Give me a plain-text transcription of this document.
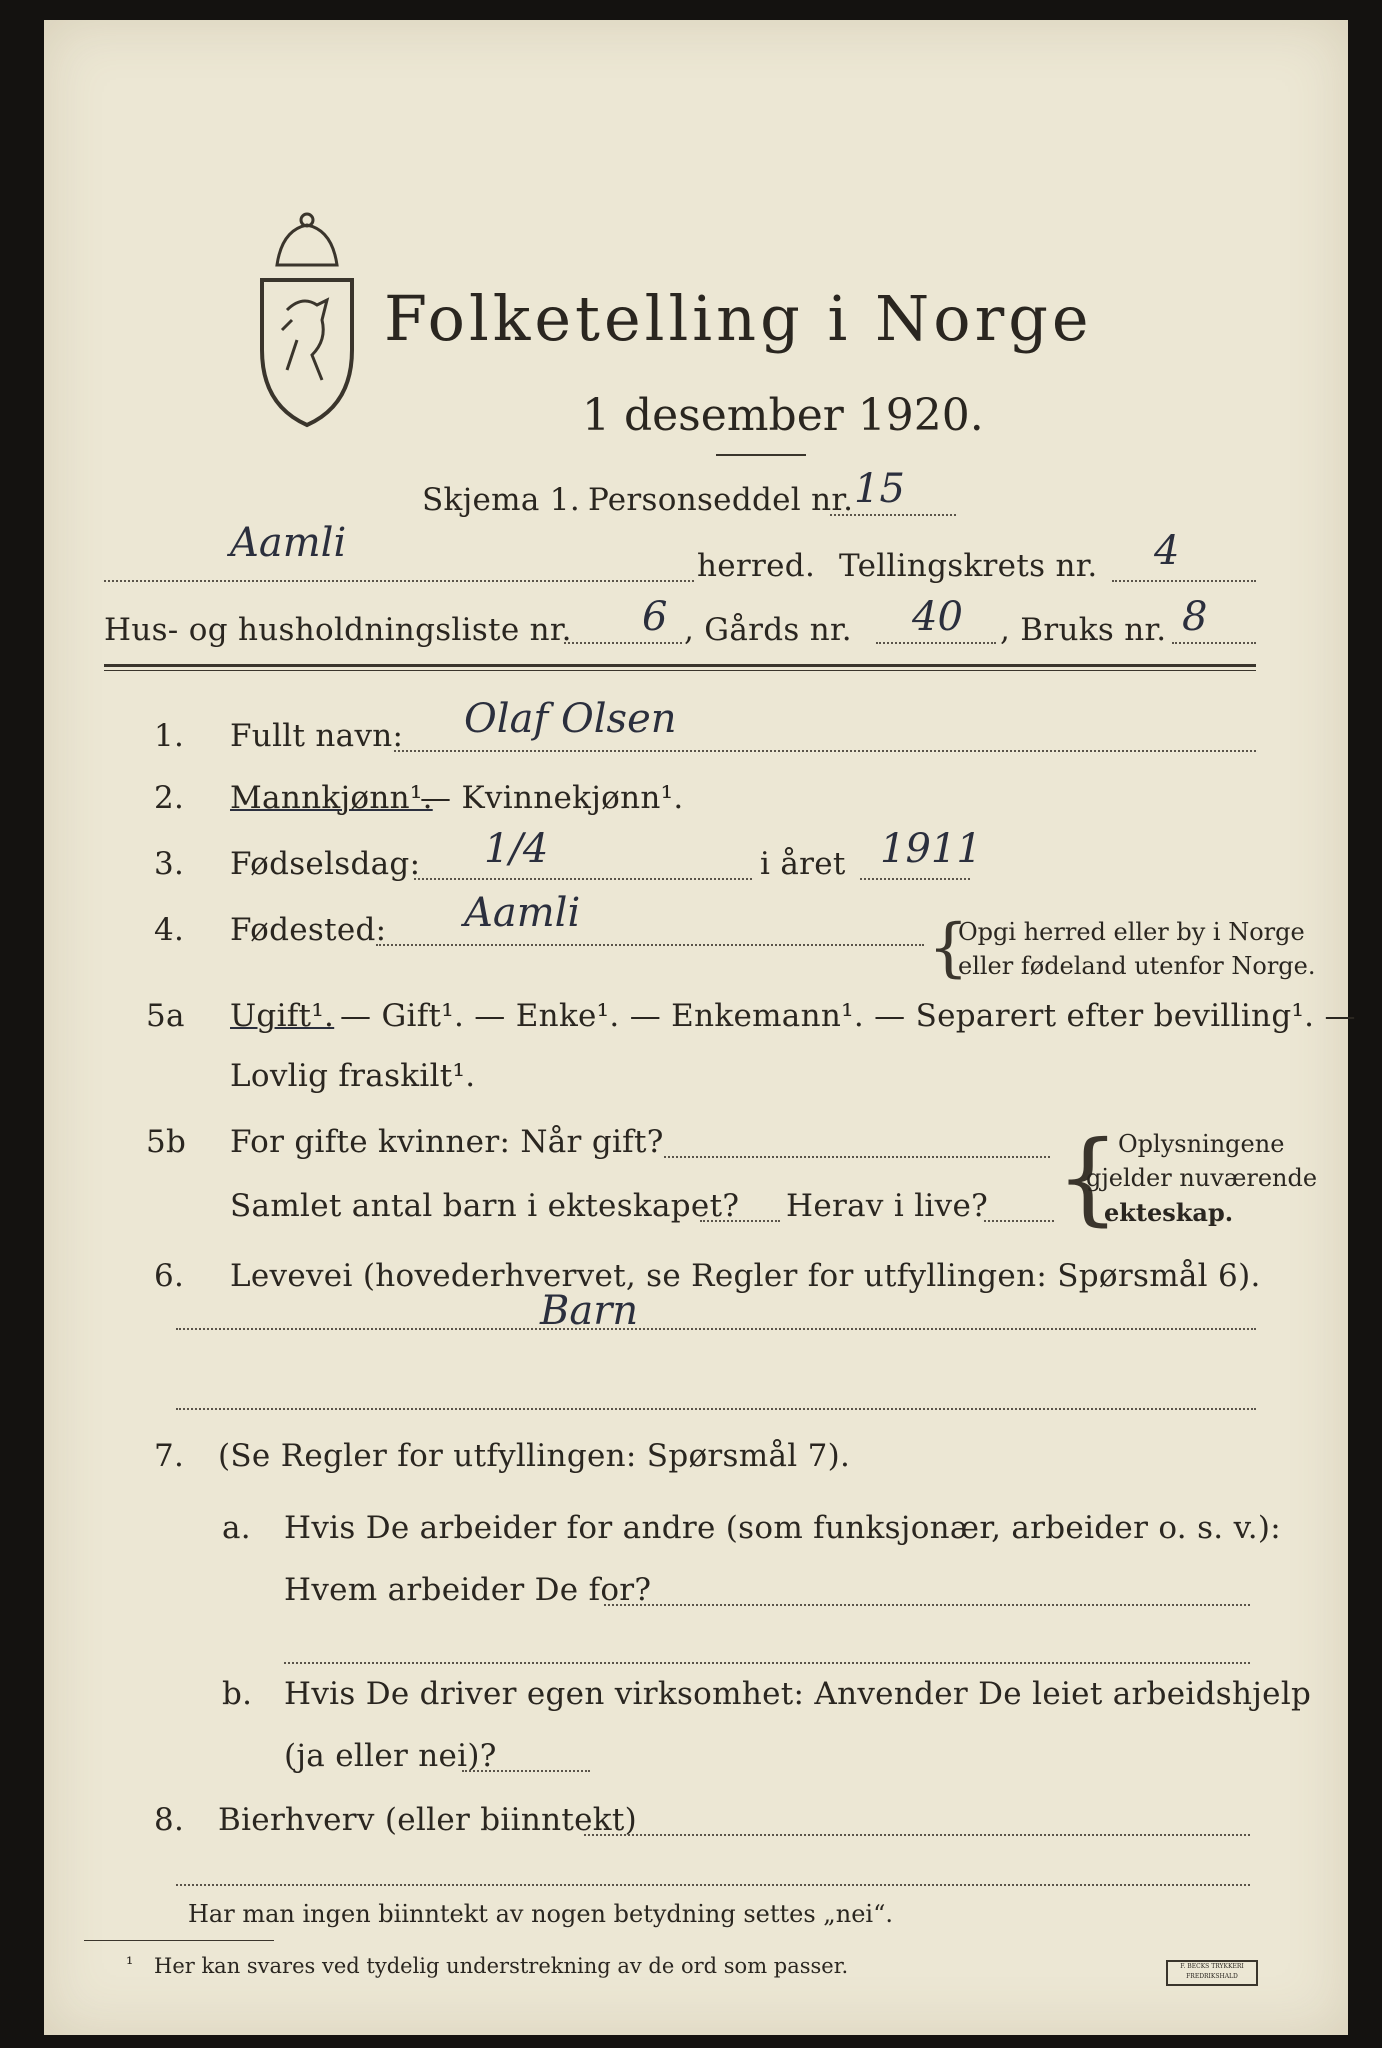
Folketelling i Norge
1 desember 1920.
Skjema 1. Personseddel nr. 15
Aamli	herred. Tellingskrets nr. 4
Hus- og husholdningsliste nr. 6 , Gårds nr. 40 , Bruks nr. 8
1. Fullt navn: Olaf Olsen
2. Mannkjønn¹.
— Kvinnekjønn¹.
3. Fødselsdag: 1/4	i året 1911
4. Fødested: Aamli	{
Opgi herred eller by i Norge
eller fødeland utenfor Norge.
5a Ugift¹. — Gift¹. — Enke¹. — Enkemann¹. — Separert efter bevilling¹. —
Lovlig fraskilt¹.
5b For gifte kvinner: Når gift?
Samlet antal barn i ekteskapet? Herav i live? {
Oplysningene
gjelder nuværende
ekteskap.
6. Levevei (hovederhvervet, se Regler for utfyllingen: Spørsmål 6).
Barn
7. (Se Regler for utfyllingen: Spørsmål 7).
a. Hvis De arbeider for andre (som funksjonær, arbeider o. s. v.):
Hvem arbeider De for?
b. Hvis De driver egen virksomhet: Anvender De leiet arbeidshjelp
(ja eller nei)?
8. Bierhverv (eller biinntekt)
Har man ingen biinntekt av nogen betydning settes „nei“.
¹ Her kan svares ved tydelig understrekning av de ord som passer.	F. BECKS TRYKKERI FREDRIKSHALD
